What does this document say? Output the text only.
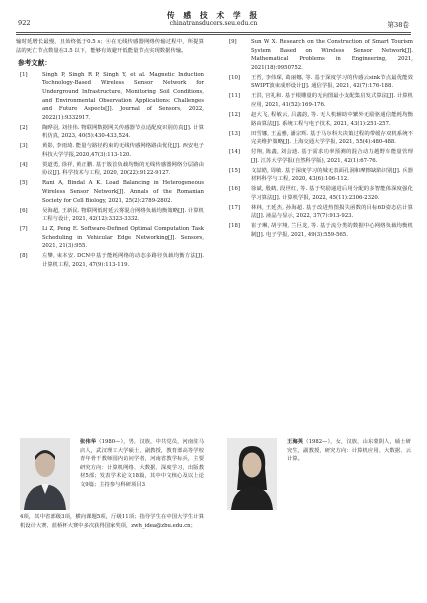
922
传 感 技 术 学 报
chinatransducers.seu.edu.cn	第38卷

输时延增长最慢，且始终低于0.5 s；④在无线传感器网络传输过程中，所提算法的死亡节点数量在3.5 以下，能够有效避开低能量节点实现数据传输。

参考文献：
[1]	Singh P, Singh R P, Singh Y, et al. Magnetic Induction Technology-Based Wireless Sensor Network for Underground Infrastructure, Monitoring Soil Conditions, and Environmental Observation Applications: Challenges and Future Aspects[J]. Journal of Sensors, 2022, 2022(1):9332917.
[2]	陶晔羽, 刘佳伟. 物联网数据网关传感器节点适配度识别仿真[J]. 计算机仿真, 2023, 40(5):430-433,524.
[3]	黄影, 李雨琦. 能量与路径约束的无线传感网络路由优化[J]. 西安电子科技大学学报,2020,47(3):113-120.
[4]	贺道勇, 徐祥, 黄正鹏. 基于簇首负载均衡的无线传感器网络分层路由协议[J]. 科学技术与工程, 2020, 20(22):9122-9127.
[5]	Rani A, Bindal A K. Load Balancing in Heterogeneous Wireless Sensor Network[J]. Annals of the Romanian Society for Cell Biology, 2021, 25(2):2789-2802.
[6]	吴海超, 王新民. 物联网低时延云雾混合网络负载均衡策略[J]. 计算机工程与设计, 2021, 42(12):3323-3332.
[7]	Li Z, Peng E. Software-Defined Optimal Computation Task Scheduling in Vehicular Edge Networking[J]. Sensors, 2021, 21(3):955.
[8]	左攀, 束本安. DCN中基于能耗网络的动态多路径负载均衡方法[J]. 计算机工程, 2021, 47(9):113-119.
[9]	Sun W X. Research on the Construction of Smart Tourism System Based on Wireless Sensor Network[J]. Mathematical Problems in Engineering, 2021, 2021(18):9950752.
[10]	王哲, 李伟琛, 葛丽娜, 等. 基于深度学习的传感云sink节点最优能效SWIPT波束成形设计[J]. 通信学报, 2021, 42(7):176-188.
[11]	王洪, 宫礼和. 基于根雕量的无向图最小支配集启发式算法[J]. 计算机应用, 2021, 41(52):169-176.
[12]	赵大飞, 程敏云, 吕鑫韵, 等. 无人机辅助中繁外无励驱通信能耗均衡路由算法[J]. 系统工程与电子技术, 2021, 43(1):251-257.
[13]	田雪娜, 王孟雅, 潘宗辉. 基于马尔科夫决策过程的带缓存双机系统不完美维护策略[J]. 上海交通大学学报, 2021, 55(4):480-488.
[14]	付翔, 陈鑫, 刘会迪. 基于需求功率预测的混合动力越野车能量管理[J]. 江苏大学学报(自然科学版), 2021, 42(1):67-76.
[15]	文喆皓, 周敏. 基于深度学习的城无表面孔洞和摩擦缺陷识别[J]. 兵器材料科学与工程, 2020, 43(6):106-112.
[16]	徐斌, 殷鹤, 段世红, 等. 基于奖励递进后用分配的多智能体深度强化学习算法[J]. 计算机学报, 2022, 45(11):2306-2320.
[17]	林林, 王延杰, 孙海超. 基于改进热图损失函数的目标6D姿态估计算法[J]. 液晶与显示, 2022, 37(7):913-923.
[18]	崔子琳, 胡宇翔, 兰巨龙, 等. 基于流分类的数据中心网络负载均衡机制[J]. 电子学报, 2021, 49(3):559-565.
张伟华（1980—），男，汉族，中共党员，河南驻马店人，武汉理工大学硕士，副教授，教育部高等学校青年骨干教师国内访问学者，河南省教学标兵，主要研究方向：计算机网络、大数据、深度学习，出版教材5部；发表学术论文18篇，其中中文核心及以上论文9篇；主持参与科研项目3
4项，其中省部级3项，横向课题5项，厅级11项；指导学生在中国大学生计算机设计大赛、蓝桥杯大赛中多次获得国家奖项，zwh_idea@zbu.edu.cn；
王海英（1982—），女，汉族，山东蒙阴人，硕士研究生，副教授，研究方向：计算机应用、大数据、云计算。
